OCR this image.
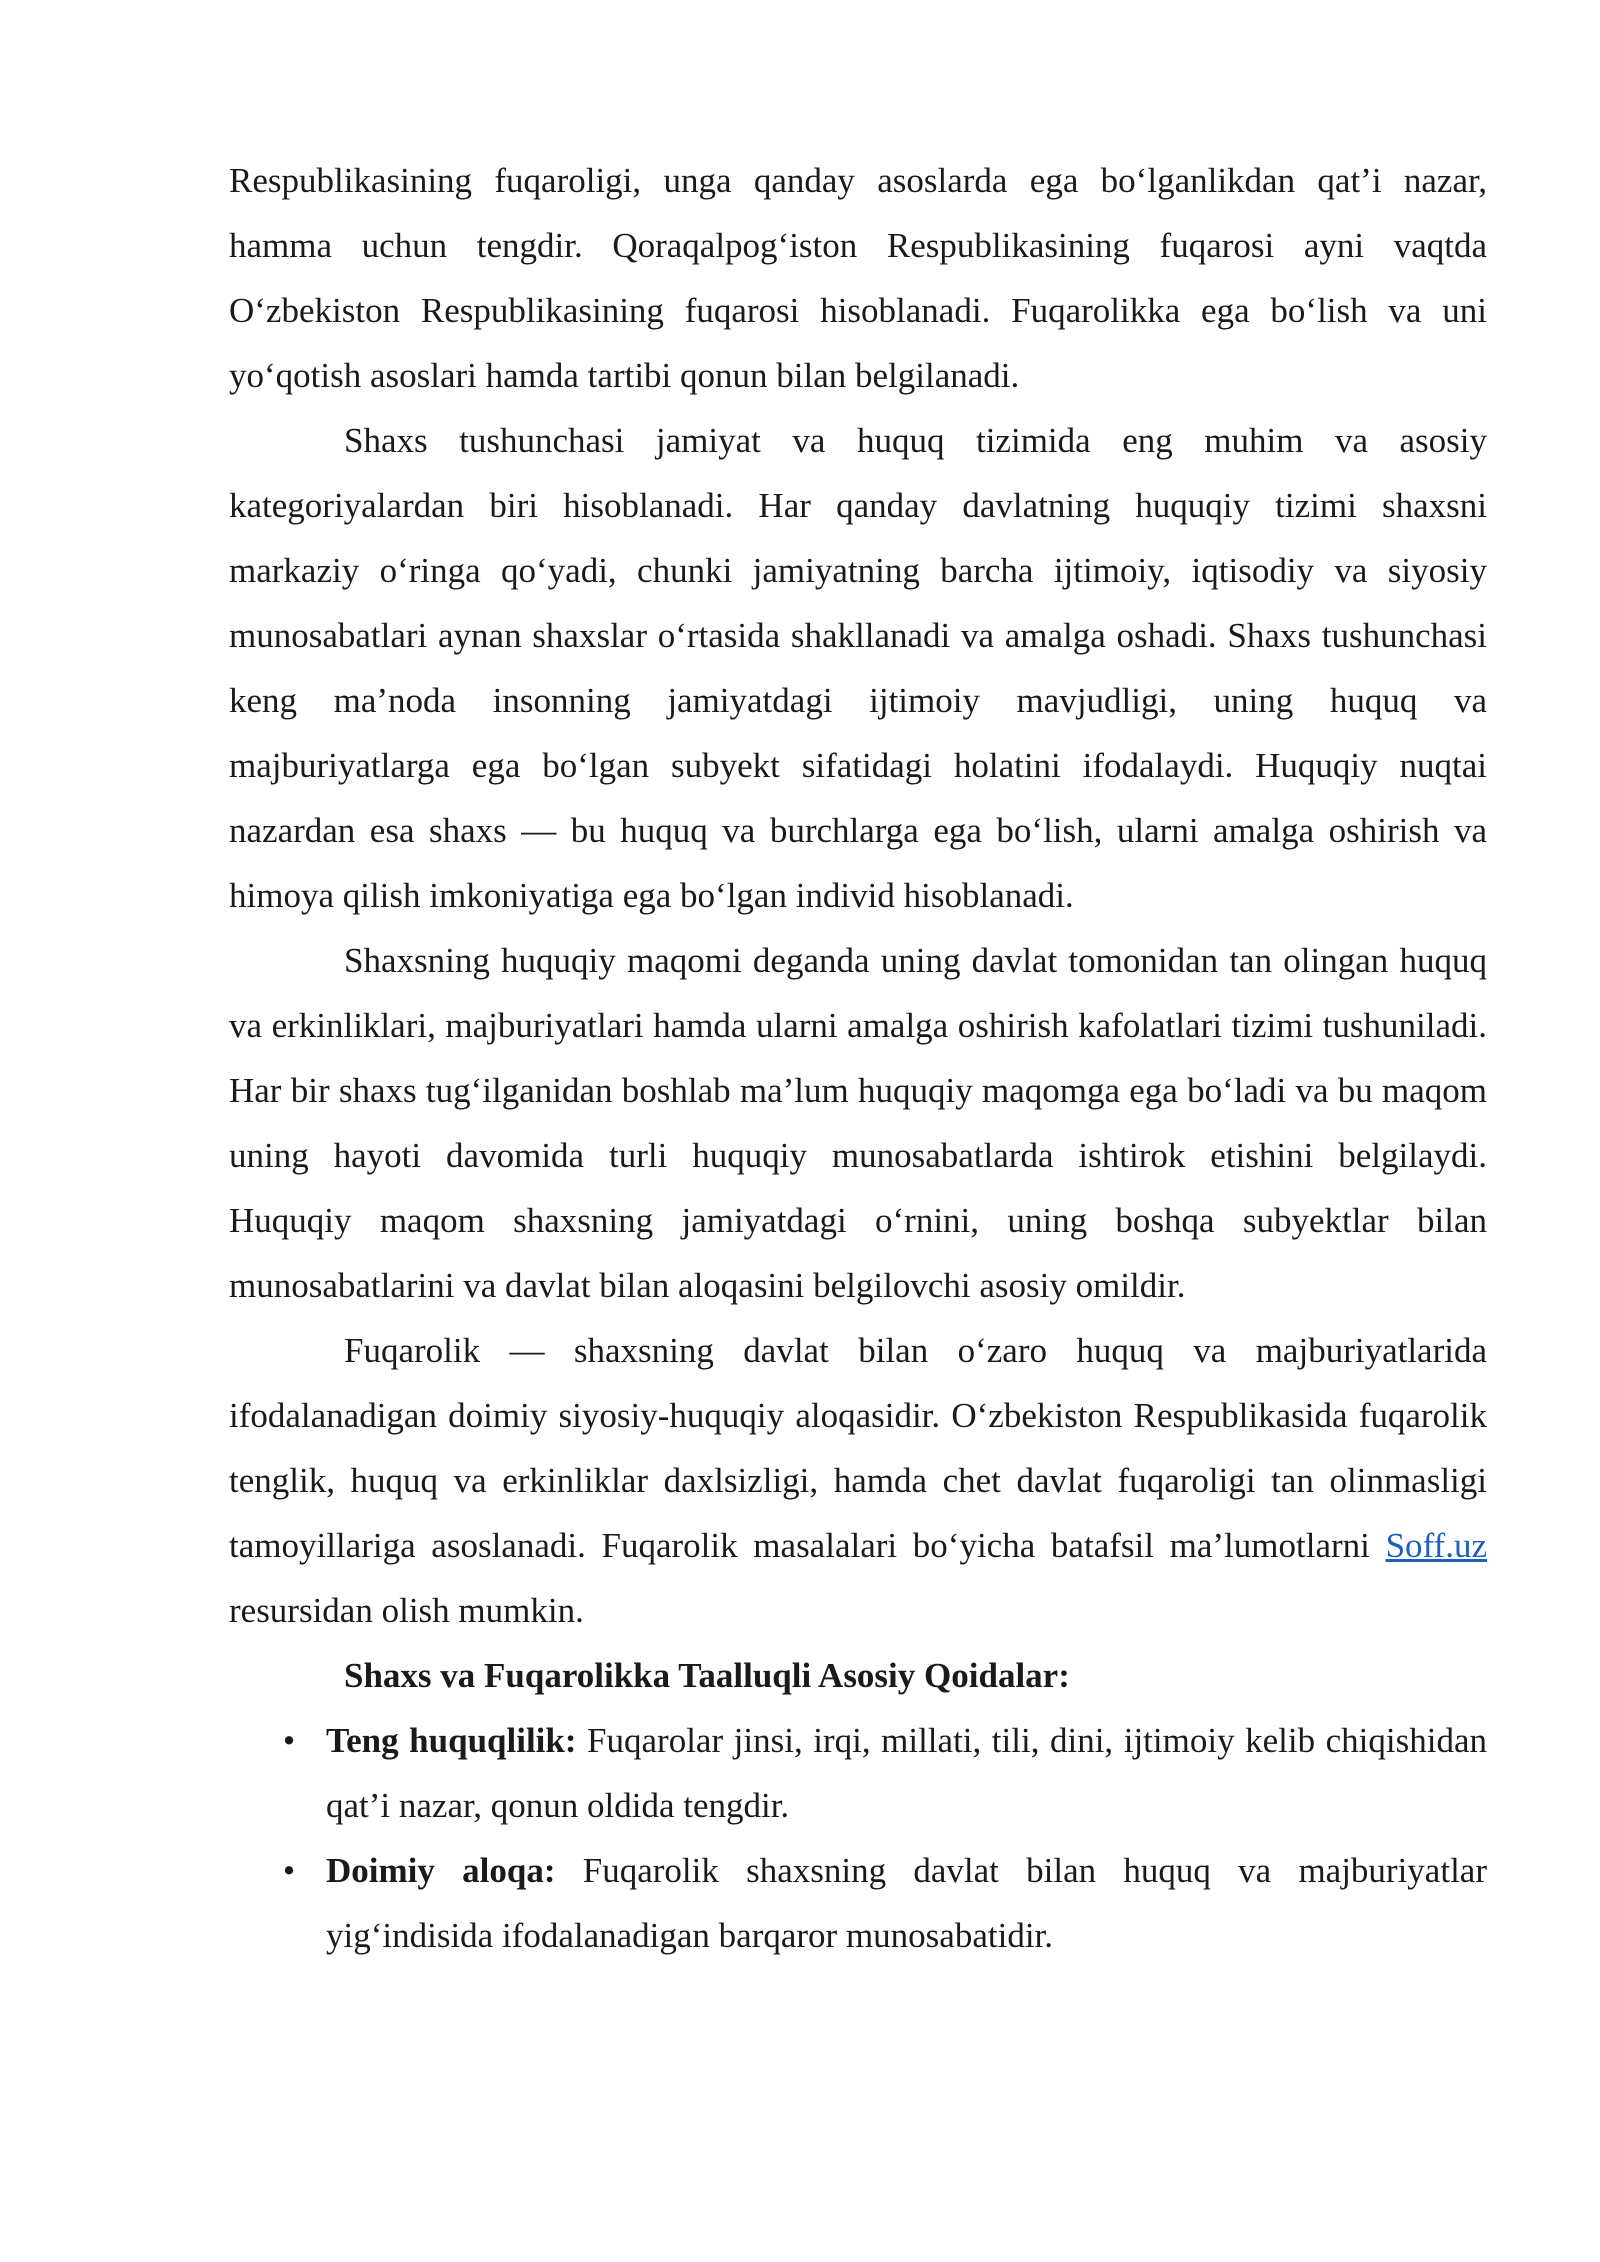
Respublikasining fuqaroligi, unga qanday asoslarda ega bo‘lganlikdan qat’i nazar, hamma uchun tengdir. Qoraqalpog‘iston Respublikasining fuqarosi ayni vaqtda O‘zbekiston Respublikasining fuqarosi hisoblanadi. Fuqarolikka ega bo‘lish va uni yo‘qotish asoslari hamda tartibi qonun bilan belgilanadi.

Shaxs tushunchasi jamiyat va huquq tizimida eng muhim va asosiy kategoriyalardan biri hisoblanadi. Har qanday davlatning huquqiy tizimi shaxsni markaziy o‘ringa qo‘yadi, chunki jamiyatning barcha ijtimoiy, iqtisodiy va siyosiy munosabatlari aynan shaxslar o‘rtasida shakllanadi va amalga oshadi. Shaxs tushunchasi keng ma’noda insonning jamiyatdagi ijtimoiy mavjudligi, uning huquq va majburiyatlarga ega bo‘lgan subyekt sifatidagi holatini ifodalaydi. Huquqiy nuqtai nazardan esa shaxs — bu huquq va burchlarga ega bo‘lish, ularni amalga oshirish va himoya qilish imkoniyatiga ega bo‘lgan individ hisoblanadi.

Shaxsning huquqiy maqomi deganda uning davlat tomonidan tan olingan huquq va erkinliklari, majburiyatlari hamda ularni amalga oshirish kafolatlari tizimi tushuniladi. Har bir shaxs tug‘ilganidan boshlab ma’lum huquqiy maqomga ega bo‘ladi va bu maqom uning hayoti davomida turli huquqiy munosabatlarda ishtirok etishini belgilaydi. Huquqiy maqom shaxsning jamiyatdagi o‘rnini, uning boshqa subyektlar bilan munosabatlarini va davlat bilan aloqasini belgilovchi asosiy omildir.

Fuqarolik — shaxsning davlat bilan o‘zaro huquq va majburiyatlarida ifodalanadigan doimiy siyosiy-huquqiy aloqasidir. O‘zbekiston Respublikasida fuqarolik tenglik, huquq va erkinliklar daxlsizligi, hamda chet davlat fuqaroligi tan olinmasligi tamoyillariga asoslanadi. Fuqarolik masalalari bo‘yicha batafsil ma’lumotlarni Soff.uz resursidan olish mumkin.

Shaxs va Fuqarolikka Taalluqli Asosiy Qoidalar:

• Teng huquqlilik: Fuqarolar jinsi, irqi, millati, tili, dini, ijtimoiy kelib chiqishidan qat’i nazar, qonun oldida tengdir.
• Doimiy aloqa: Fuqarolik shaxsning davlat bilan huquq va majburiyatlar yig‘indisida ifodalanadigan barqaror munosabatidir.
